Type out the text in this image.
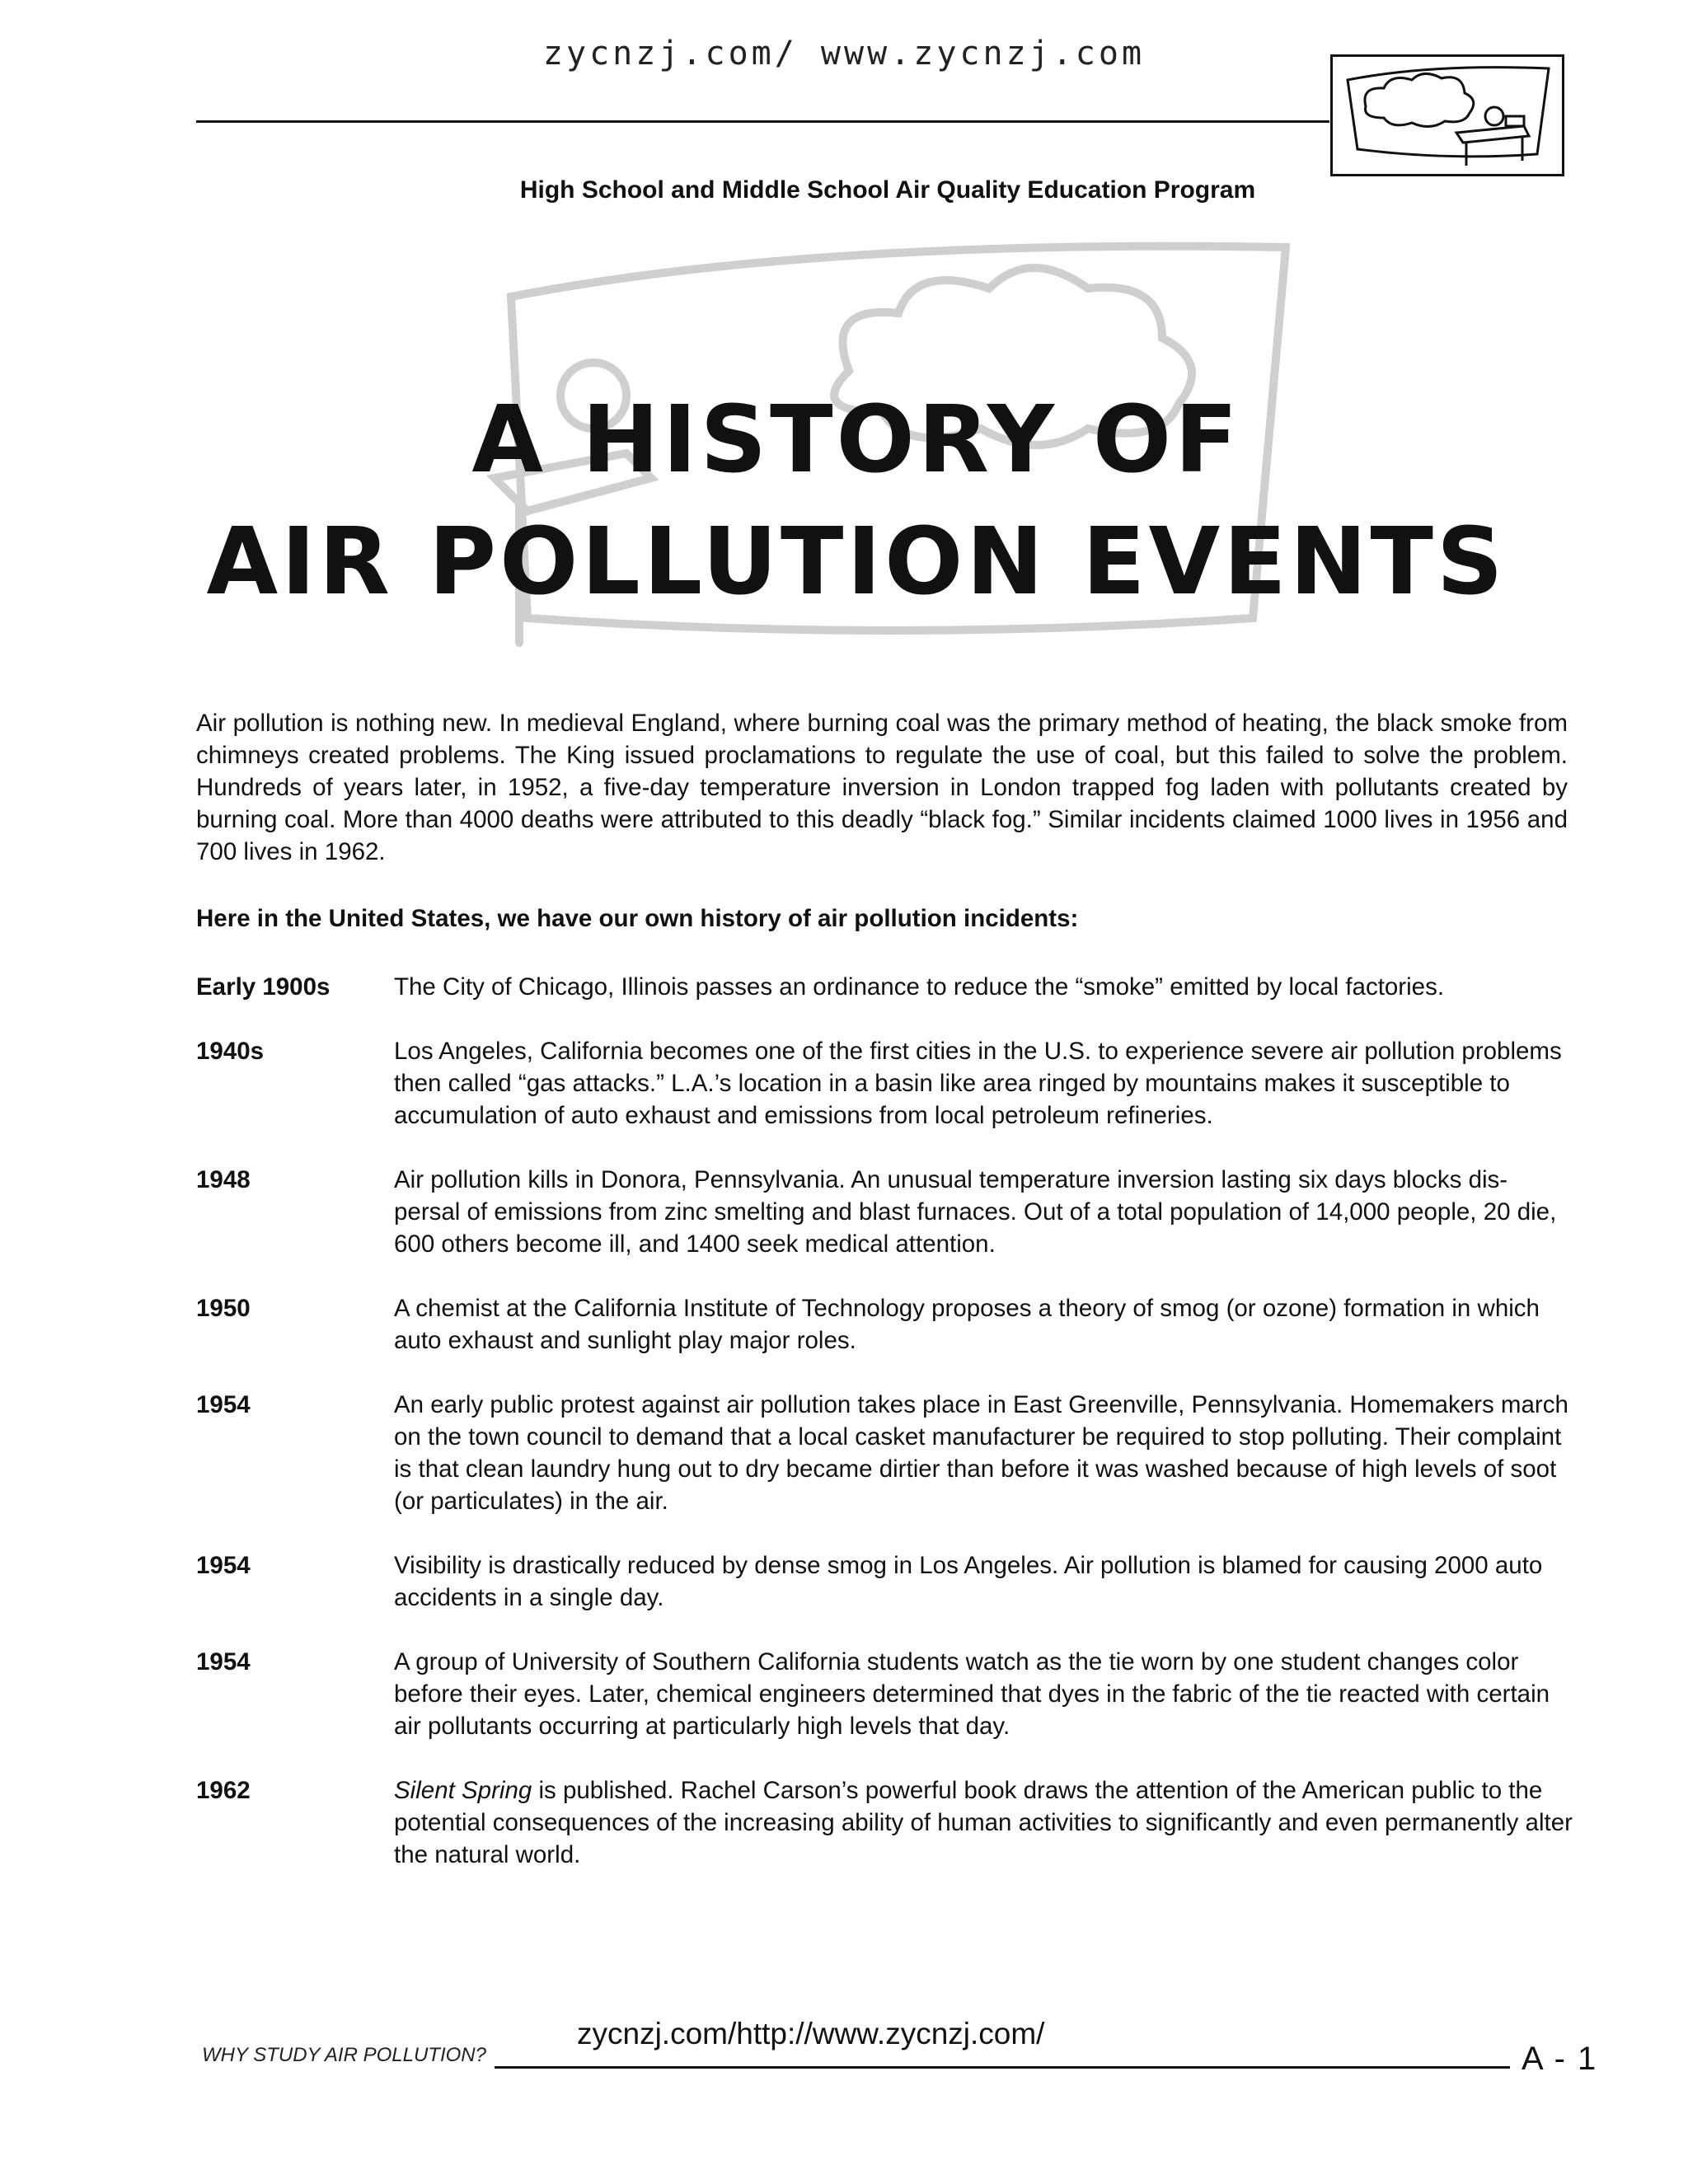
zycnzj.com/ www.zycnzj.com
High School and Middle School Air Quality Education Program
A HISTORY OF
AIR POLLUTION EVENTS

Air pollution is nothing new. In medieval England, where burning coal was the primary method of heating, the black smoke from chimneys created problems. The King issued proclamations to regulate the use of coal, but this failed to solve the problem. Hundreds of years later, in 1952, a five-day temperature inversion in London trapped fog laden with pollutants created by burning coal. More than 4000 deaths were attributed to this deadly “black fog.” Similar incidents claimed 1000 lives in 1956 and 700 lives in 1962.

Here in the United States, we have our own history of air pollution incidents:

Early 1900s	The City of Chicago, Illinois passes an ordinance to reduce the “smoke” emitted by local factories.
1940s	Los Angeles, California becomes one of the first cities in the U.S. to experience severe air pollution problems then called “gas attacks.” L.A.’s location in a basin like area ringed by mountains makes it susceptible to accumulation of auto exhaust and emissions from local petroleum refineries.
1948	Air pollution kills in Donora, Pennsylvania. An unusual temperature inversion lasting six days blocks dis-persal of emissions from zinc smelting and blast furnaces. Out of a total population of 14,000 people, 20 die, 600 others become ill, and 1400 seek medical attention.
1950	A chemist at the California Institute of Technology proposes a theory of smog (or ozone) formation in which auto exhaust and sunlight play major roles.
1954	An early public protest against air pollution takes place in East Greenville, Pennsylvania. Homemakers march on the town council to demand that a local casket manufacturer be required to stop polluting. Their complaint is that clean laundry hung out to dry became dirtier than before it was washed because of high levels of soot (or particulates) in the air.
1954	Visibility is drastically reduced by dense smog in Los Angeles. Air pollution is blamed for causing 2000 auto accidents in a single day.
1954	A group of University of Southern California students watch as the tie worn by one student changes color before their eyes. Later, chemical engineers determined that dyes in the fabric of the tie reacted with certain air pollutants occurring at particularly high levels that day.
1962	Silent Spring is published. Rachel Carson’s powerful book draws the attention of the American public to the potential consequences of the increasing ability of human activities to significantly and even permanently alter the natural world.
WHY STUDY AIR POLLUTION?
zycnzj.com/http://www.zycnzj.com/
A - 1
